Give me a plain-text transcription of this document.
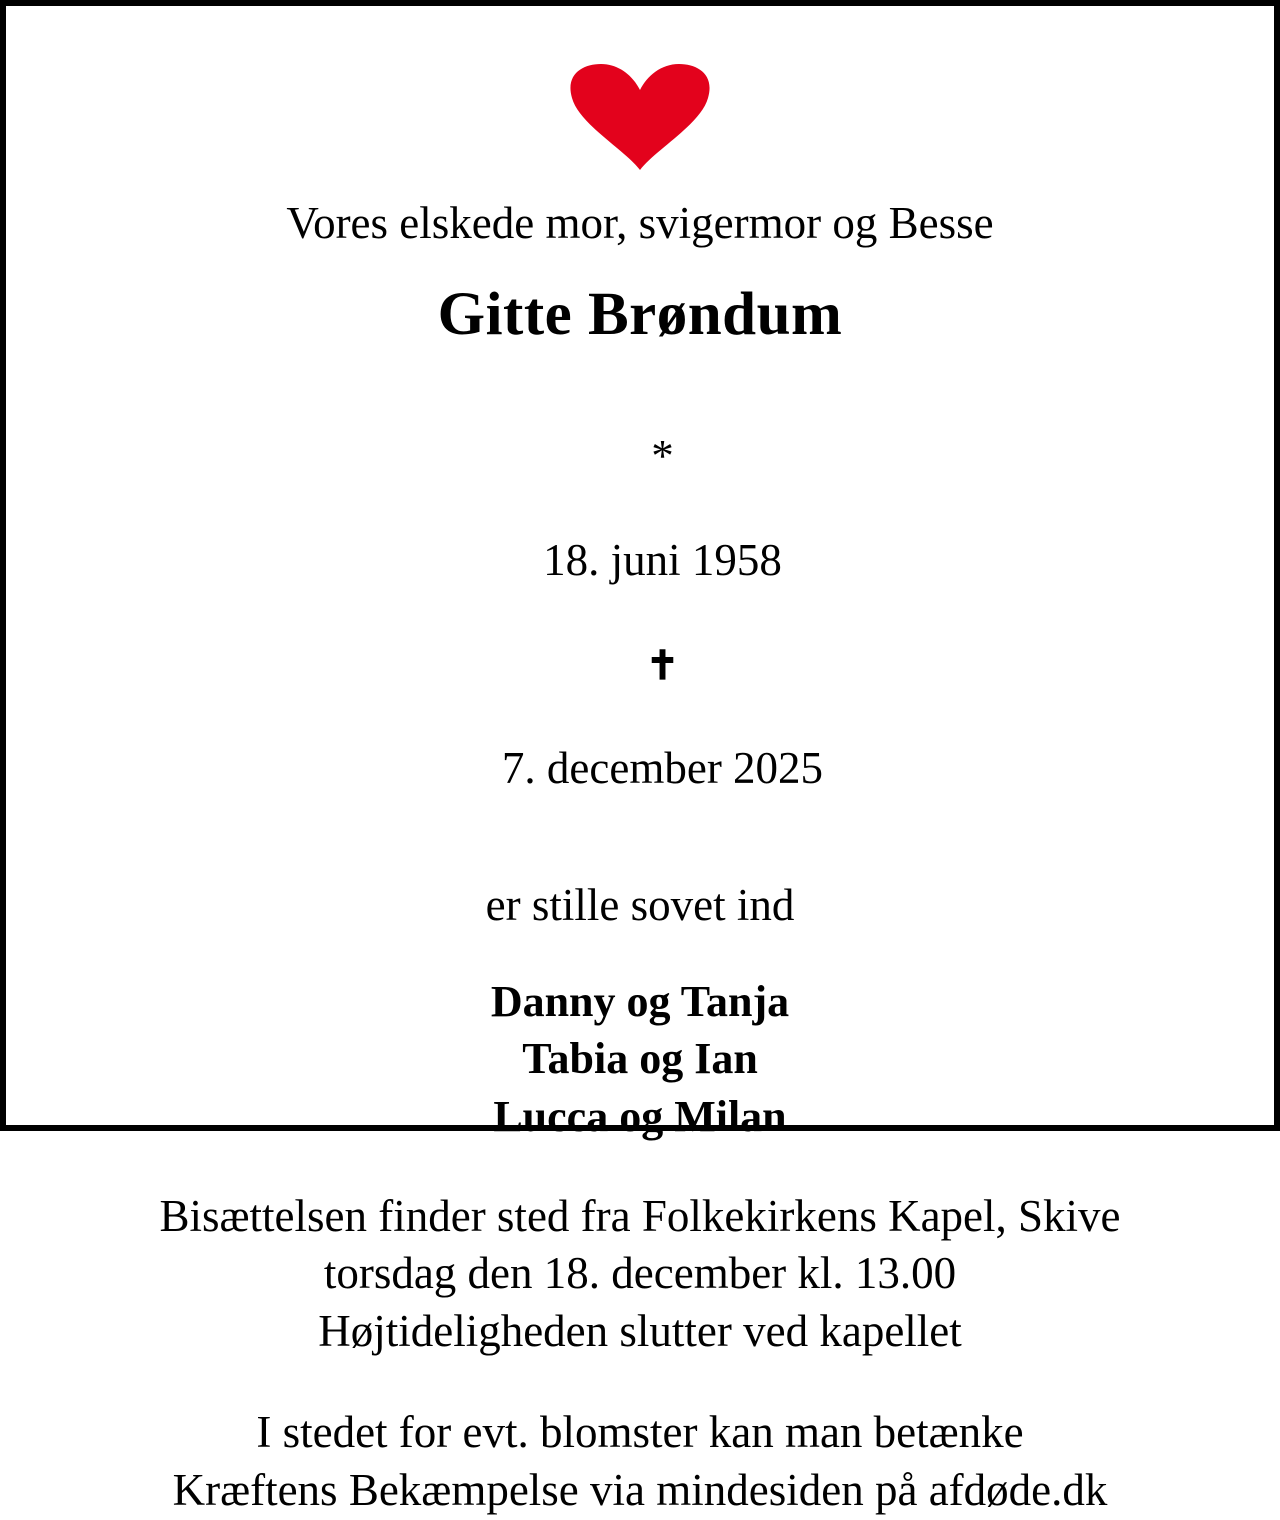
Vores elskede mor, svigermor og Besse
Gitte Brøndum

*

18. juni 1958

✝

7. december 2025

er stille sovet ind
Danny og Tanja
Tabia og Ian
Lucca og Milan
Bisættelsen finder sted fra Folkekirkens Kapel, Skive
torsdag den 18. december kl. 13.00
Højtideligheden slutter ved kapellet
I stedet for evt. blomster kan man betænke
Kræftens Bekæmpelse via mindesiden på afdøde.dk
